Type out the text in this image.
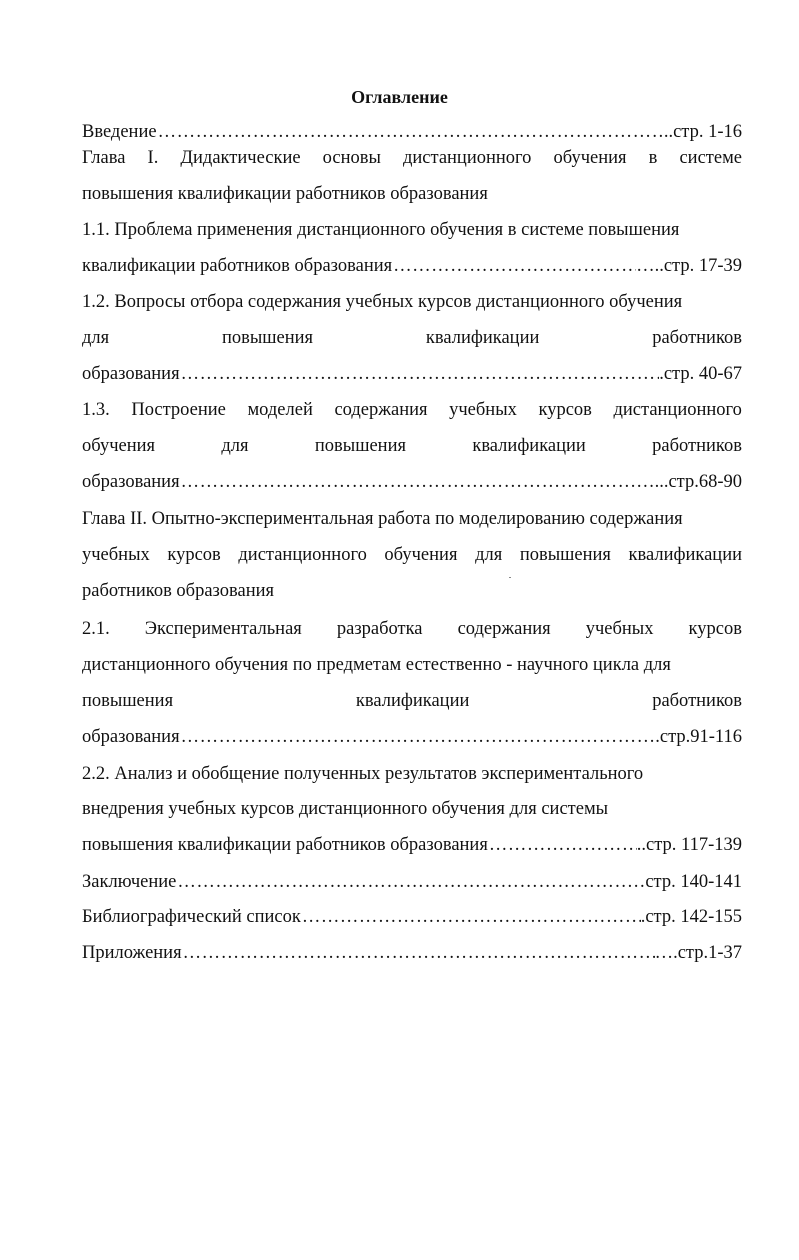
Оглавление
Введение …………………………………………………………………………………………………………………………………………	..стр. 1-16
Глава I. Дидактические основы дистанционного обучения в системе
повышения квалификации работников образования
1.1. Проблема применения дистанционного обучения в системе повышения
квалификации работников образования …………………………………………………………………………………………………………………………………………	…..стр. 17-39
1.2. Вопросы отбора содержания учебных курсов дистанционного обучения
для	повышения	квалификации	работников
образования …………………………………………………………………………………………………………………………………………	.стр. 40-67
1.3. Построение моделей содержания учебных курсов дистанционного
обучения	для	повышения	квалификации	работников
образования …………………………………………………………………………………………………………………………………………	…...стр.68-90
Глава II. Опытно-экспериментальная работа по моделированию содержания
учебных курсов дистанционного обучения для повышения квалификации
работников образования
2.1. Экспериментальная разработка содержания учебных курсов
дистанционного обучения по предметам естественно - научного цикла для
повышения	квалификации	работников
образования …………………………………………………………………………………………………………………………………………	.стр.91-116
2.2. Анализ и обобщение полученных результатов экспериментального
внедрения учебных курсов дистанционного обучения для системы
повышения квалификации работников образования …………………………………………………………………………………………………………………………………………	..стр. 117-139
Заключение …………………………………………………………………………………………………………………………………………	…стр. 140-141
Библиографический список …………………………………………………………………………………………………………………………………………	.стр. 142-155
Приложения …………………………………………………………………………………………………………………………………………	….стр.1-37
